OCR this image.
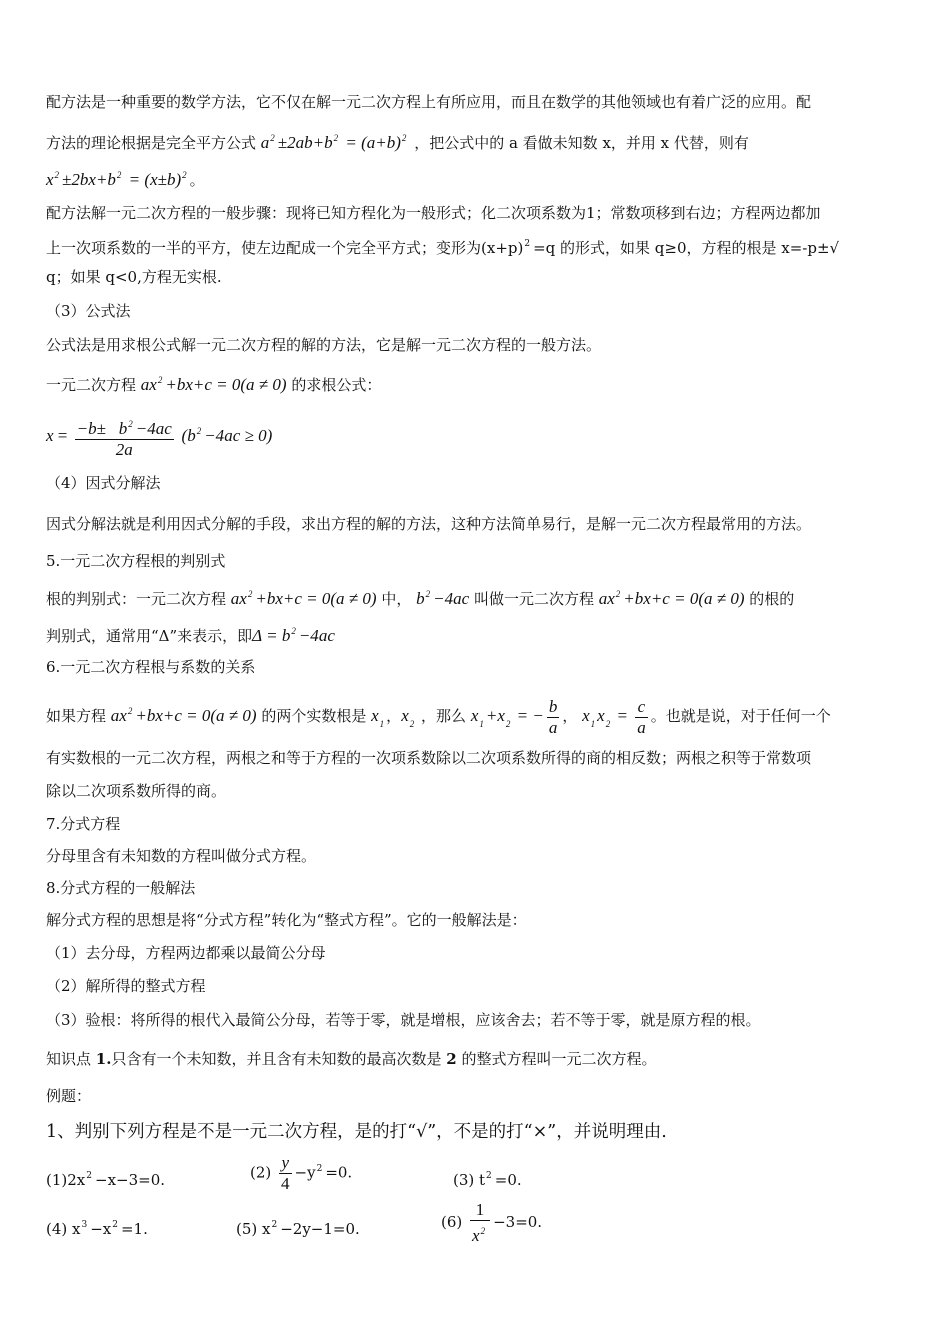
配方法是一种重要的数学方法，它不仅在解一元二次方程上有所应用，而且在数学的其他领域也有着广泛的应用。配
方法的理论根据是完全平方公式 $a^2 \pm 2ab+b^2 = (a+b)^2$ ，把公式中的 a 看做未知数 x，并用 x 代替，则有
$x^2 \pm 2bx+b^2 = (x\pm b)^2$ 。
配方法解一元二次方程的一般步骤：现将已知方程化为一般形式；化二次项系数为1；常数项移到右边；方程两边都加
上一次项系数的一半的平方，使左边配成一个完全平方式；变形为$(x+p)^2 =q$ 的形式，如果 q≥0，方程的根是 x=-p±√
q；如果 q<0,方程无实根.
（3）公式法
公式法是用求根公式解一元二次方程的解的方法，它是解一元二次方程的一般方法。
一元二次方程 $ax^2 +bx+c = 0(a \ne 0)$ 的求根公式：
$x = \frac{-b\pm b^2 -4ac}{2a} (b^2 -4ac \ge 0)$
（4）因式分解法
因式分解法就是利用因式分解的手段，求出方程的解的方法，这种方法简单易行，是解一元二次方程最常用的方法。
5.一元二次方程根的判别式
根的判别式：一元二次方程 $ax^2 +bx+c = 0(a \ne 0)$ 中， $b^2 -4ac$ 叫做一元二次方程 $ax^2 +bx+c = 0(a \ne 0)$ 的根的
判别式，通常用“Δ”来表示，即$\Delta = b^2 -4ac$
6.一元二次方程根与系数的关系
如果方程 $ax^2 +bx+c = 0(a \ne 0)$ 的两个实数根是 $x_1$ ，$x_2$ ，那么 $x_1 +x_2$ = − $\frac{b}{a}$ ， $x_1$ $x_2 = \frac{c}{a}$ 。也就是说，对于任何一个
有实数根的一元二次方程，两根之和等于方程的一次项系数除以二次项系数所得的商的相反数；两根之积等于常数项
除以二次项系数所得的商。
7.分式方程
分母里含有未知数的方程叫做分式方程。
8.分式方程的一般解法
解分式方程的思想是将“分式方程”转化为“整式方程”。它的一般解法是：
（1）去分母，方程两边都乘以最简公分母
（2）解所得的整式方程
（3）验根：将所得的根代入最简公分母，若等于零，就是增根，应该舍去；若不等于零，就是原方程的根。
知识点 1.只含有一个未知数，并且含有未知数的最高次数是 2 的整式方程叫一元二次方程。
例题：
1、判别下列方程是不是一元二次方程，是的打“√”，不是的打“×”，并说明理由.
$(1)2x^2 -x-3=0$.	$(2) \frac{y}{4} -y^2 =0$.	(3) $t^2 =0$.
(4) $x^3 -x^2 =1$.	(5) $x^2 -2y-1=0$.	$(6) \frac{1}{x^2} -3=0$.
